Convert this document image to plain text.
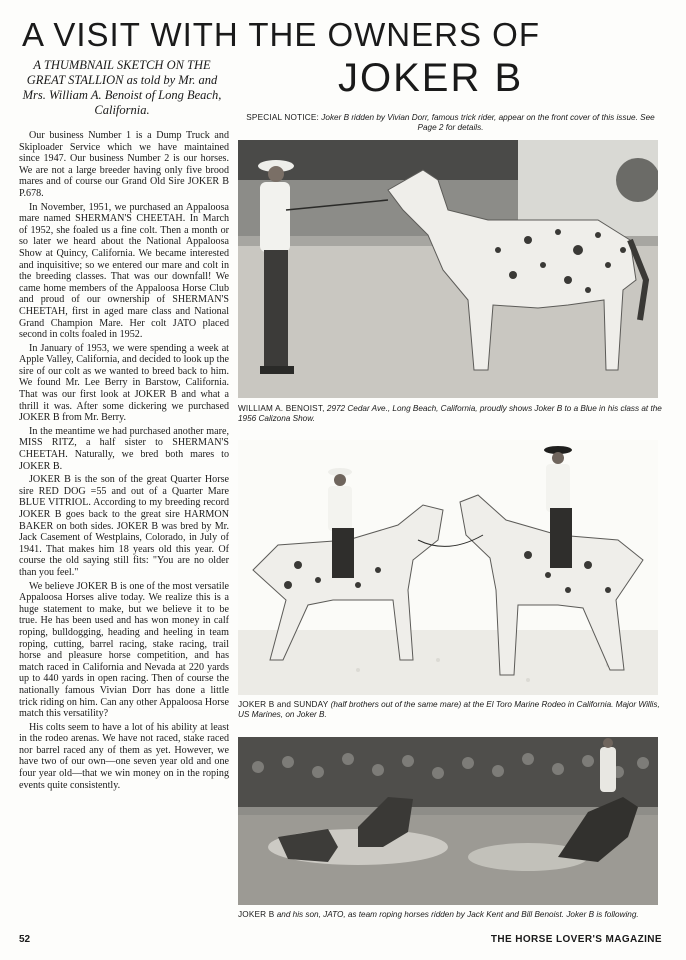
A VISIT WITH THE OWNERS OF
A THUMBNAIL SKETCH ON THE GREAT STALLION as told by Mr. and Mrs. William A. Benoist of Long Beach, California.
JOKER B
SPECIAL NOTICE: Joker B ridden by Vivian Dorr, famous trick rider, appear on the front cover of this issue. See Page 2 for details.

Our business Number 1 is a Dump Truck and Skiploader Service which we have maintained since 1947. Our business Number 2 is our horses. We are not a large breeder having only five brood mares and of course our Grand Old Sire JOKER B P.678.

In November, 1951, we purchased an Appaloosa mare named SHERMAN'S CHEETAH. In March of 1952, she foaled us a fine colt. Then a month or so later we heard about the National Appaloosa Show at Quincy, California. We became interested and inquisitive; so we entered our mare and colt in the breeding classes. That was our downfall! We came home members of the Appaloosa Horse Club and proud of our ownership of SHERMAN'S CHEETAH, first in aged mare class and National Grand Champion Mare. Her colt JATO placed second in colts foaled in 1952.

In January of 1953, we were spending a week at Apple Valley, California, and decided to look up the sire of our colt as we wanted to breed back to him. We found Mr. Lee Berry in Barstow, California. That was our first look at JOKER B and what a thrill it was. After some dickering we purchased JOKER B from Mr. Berry.

In the meantime we had purchased another mare, MISS RITZ, a half sister to SHERMAN'S CHEETAH. Naturally, we bred both mares to JOKER B.

JOKER B is the son of the great Quarter Horse sire RED DOG =55 and out of a Quarter Mare BLUE VITRIOL. According to my breeding record JOKER B goes back to the great sire HARMON BAKER on both sides. JOKER B was bred by Mr. Jack Casement of Westplains, Colorado, in July of 1941. That makes him 18 years old this year. Of course the old saying still fits: "You are no older than you feel."

We believe JOKER B is one of the most versatile Appaloosa Horses alive today. We realize this is a huge statement to make, but we believe it to be true. He has been used and has won money in calf roping, bulldogging, heading and heeling in team roping, cutting, barrel racing, stake racing, trail horse and pleasure horse competition, and has match raced in California and Nevada at 220 yards up to 440 yards in open racing. Then of course the nationally famous Vivian Dorr has done a little trick riding on him. Can any other Appaloosa Horse match this versatility?

His colts seem to have a lot of his ability at least in the rodeo arenas. We have not raced, stake raced nor barrel raced any of them as yet. However, we have two of our own—one seven year old and one four year old—that we win money on in the roping events quite consistently.

WILLIAM A. BENOIST, 2972 Cedar Ave., Long Beach, California, proudly shows Joker B to a Blue in his class at the 1956 Calizona Show.
JOKER B and SUNDAY (half brothers out of the same mare) at the El Toro Marine Rodeo in California. Major Willis, US Marines, on Joker B.
JOKER B and his son, JATO, as team roping horses ridden by Jack Kent and Bill Benoist. Joker B is following.
52	THE HORSE LOVER'S MAGAZINE
